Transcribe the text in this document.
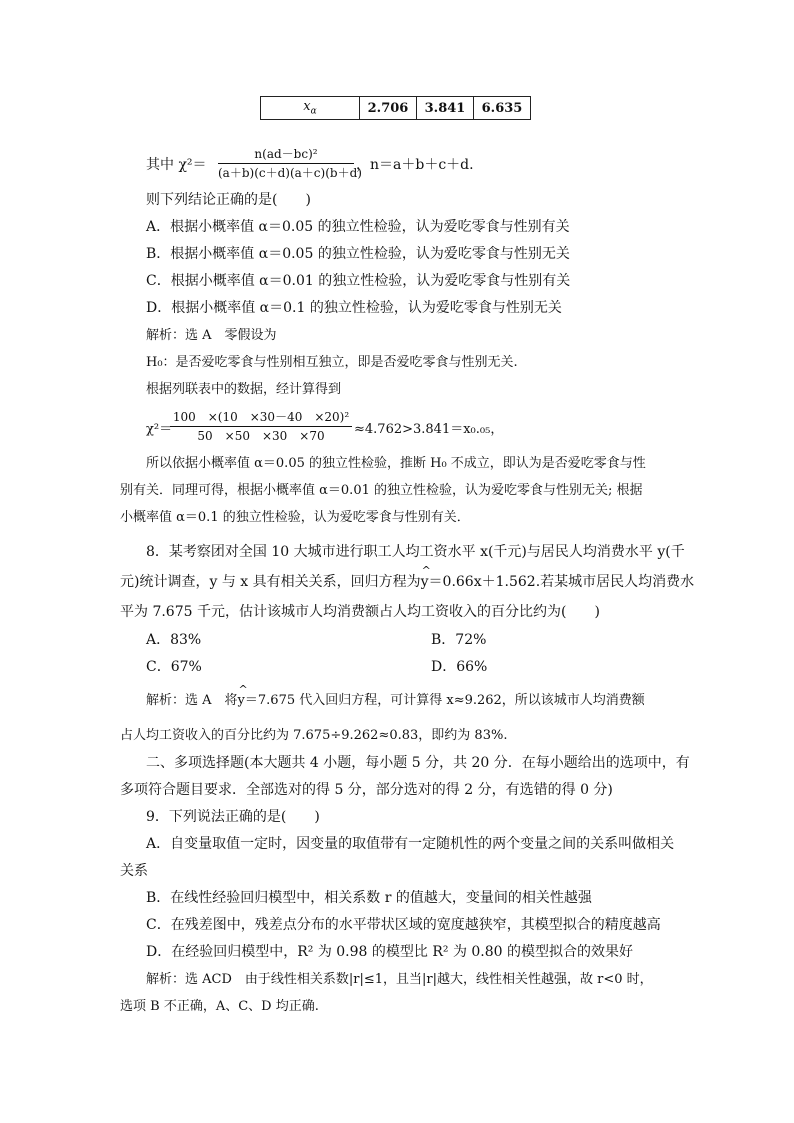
$x_\alpha$	2.706	3.841	6.635
其中 χ²＝
n(ad－bc)²
(a＋b)(c＋d)(a＋c)(b＋d)
，n＝a＋b＋c＋d.
则下列结论正确的是(　　)
A．根据小概率值 α＝0.05 的独立性检验，认为爱吃零食与性别有关
B．根据小概率值 α＝0.05 的独立性检验，认为爱吃零食与性别无关
C．根据小概率值 α＝0.01 的独立性检验，认为爱吃零食与性别有关
D．根据小概率值 α＝0.1 的独立性检验，认为爱吃零食与性别无关
解析：选 A　零假设为
H₀：是否爱吃零食与性别相互独立，即是否爱吃零食与性别无关.
根据列联表中的数据，经计算得到
χ²＝
100　×(10　×30－40　×20)²
50　×50　×30　×70	≈4.762>3.841＝x₀.₀₅，
所以依据小概率值 α＝0.05 的独立性检验，推断 H₀ 不成立，即认为是否爱吃零食与性
别有关．同理可得，根据小概率值 α＝0.01 的独立性检验，认为爱吃零食与性别无关; 根据
小概率值 α＝0.1 的独立性检验，认为爱吃零食与性别有关．
8．某考察团对全国 10 大城市进行职工人均工资水平 x(千元)与居民人均消费水平 y(千
元)统计调查，y 与 x 具有相关关系，回归方程为^ y＝0.66x＋1.562.若某城市居民人均消费水
平为 7.675 千元，估计该城市人均消费额占人均工资收入的百分比约为(　　)
A．83%	B．72%
C．67%	D．66%
解析：选 A　将^ y＝7.675 代入回归方程，可计算得 x≈9.262，所以该城市人均消费额
占人均工资收入的百分比约为 7.675÷9.262≈0.83，即约为 83%.
二、多项选择题(本大题共 4 小题，每小题 5 分，共 20 分．在每小题给出的选项中，有
多项符合题目要求．全部选对的得 5 分，部分选对的得 2 分，有选错的得 0 分)
9．下列说法正确的是(　　)
A．自变量取值一定时，因变量的取值带有一定随机性的两个变量之间的关系叫做相关
关系
B．在线性经验回归模型中，相关系数 r 的值越大，变量间的相关性越强
C．在残差图中，残差点分布的水平带状区域的宽度越狭窄，其模型拟合的精度越高
D．在经验回归模型中，R² 为 0.98 的模型比 R² 为 0.80 的模型拟合的效果好
解析：选 ACD　由于线性相关系数|r|≤1，且当|r|越大，线性相关性越强，故 r<0 时，
选项 B 不正确，A、C、D 均正确.
